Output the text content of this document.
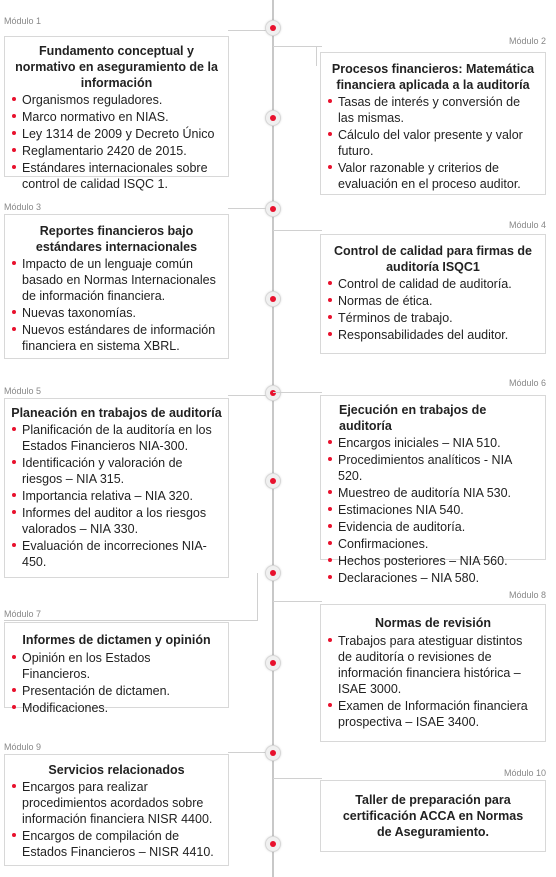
Módulo 1
Fundamento conceptual y normativo en aseguramiento de la información
Organismos reguladores.
Marco normativo en NIAS.
Ley 1314 de 2009 y Decreto Único
Reglamentario 2420 de 2015.
Estándares internacionales sobre control de calidad ISQC 1.
Módulo 2
Procesos financieros: Matemática financiera aplicada a la auditoría
Tasas de interés y conversión de las mismas.
Cálculo del valor presente y valor futuro.
Valor razonable y criterios de evaluación en el proceso auditor.
Módulo 3
Reportes financieros bajo estándares internacionales
Impacto de un lenguaje común basado en Normas Internacionales de información financiera.
Nuevas taxonomías.
Nuevos estándares de información financiera en sistema XBRL.
Módulo 4
Control de calidad para firmas de auditoría ISQC1
Control de calidad de auditoría.
Normas de ética.
Términos de trabajo.
Responsabilidades del auditor.
Módulo 5
Planeación en trabajos de auditoría
Planificación de la auditoría en los Estados Financieros NIA-300.
Identificación y valoración de riesgos – NIA 315.
Importancia relativa – NIA 320.
Informes del auditor a los riesgos valorados – NIA 330.
Evaluación de incorreciones NIA-450.
Módulo 6
Ejecución en trabajos de auditoría
Encargos iniciales – NIA 510.
Procedimientos analíticos - NIA 520.
Muestreo de auditoría NIA 530.
Estimaciones NIA 540.
Evidencia de auditoría.
Confirmaciones.
Hechos posteriores – NIA 560.
Declaraciones – NIA 580.
Módulo 7
Informes de dictamen y opinión
Opinión en los Estados Financieros.
Presentación de dictamen.
Modificaciones.
Módulo 8
Normas de revisión
Trabajos para atestiguar distintos de auditoría o revisiones de información financiera histórica – ISAE 3000.
Examen de Información financiera prospectiva – ISAE 3400.
Módulo 9
Servicios relacionados
Encargos para realizar procedimientos acordados sobre información financiera NISR 4400.
Encargos de compilación de Estados Financieros – NISR 4410.
Módulo 10
Taller de preparación para certificación ACCA en Normas de Aseguramiento.
